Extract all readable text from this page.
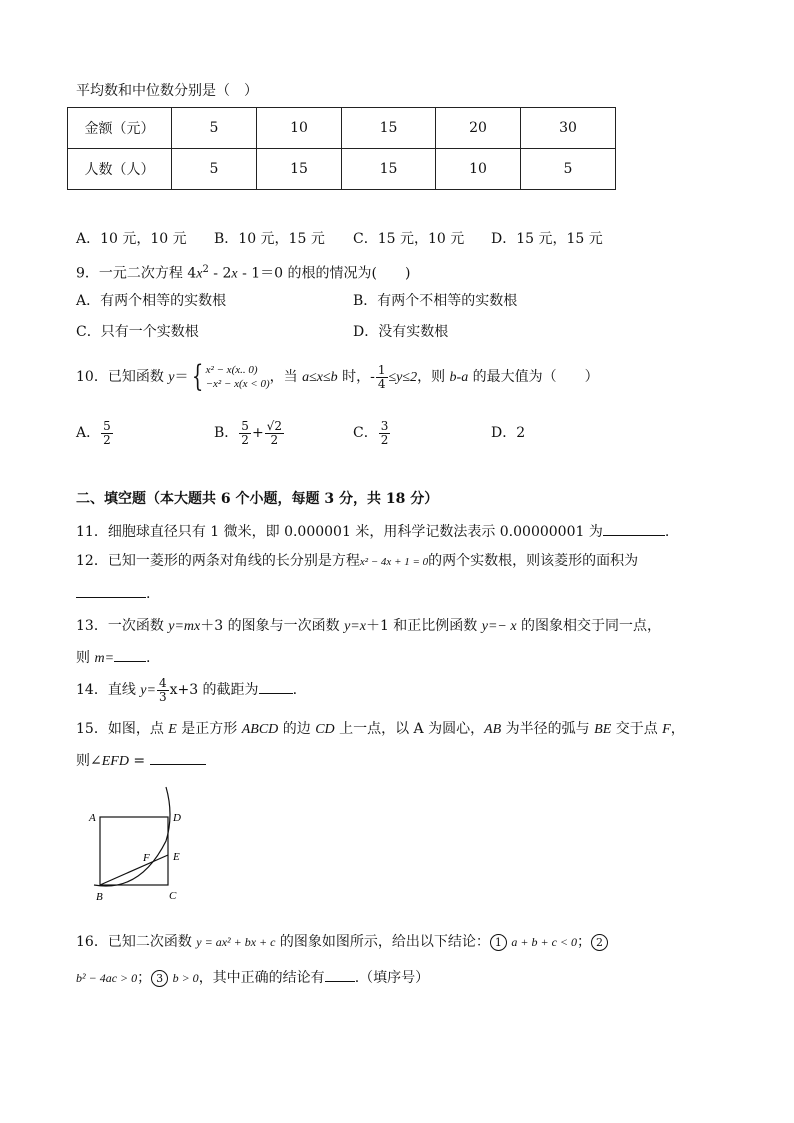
平均数和中位数分别是（　）
金额（元）	5	10	15	20	30
人数（人）	5	15	15	10	5
A．10 元，10 元 B．10 元，15 元 C．15 元，10 元 D．15 元，15 元
9．一元二次方程 $4x^2 - 2x - 1=0$ 的根的情况为(　　)
A．有两个相等的实数根	B．有两个不相等的实数根
C．只有一个实数根	D．没有实数根
10．已知函数 y＝ { x² − x(x.. 0)
−x² − x(x < 0) ，当 a≤x≤b 时，- $\frac{1}{4} \le y\le 2$，则 b-a 的最大值为（　　）
A． $\frac{5}{2}$	B． $\frac{5}{2} + \frac{√2}{2}$	C． $\frac{3}{2}$	D．2
二、填空题（本大题共 6 个小题，每题 3 分，共 18 分）
11．细胞球直径只有 1 微米，即 0.000001 米，用科学记数法表示 0.00000001 为	.
12．已知一菱形的两条对角线的长分别是方程x² − 4x + 1 = 0的两个实数根，则该菱形的面积为
.
13．一次函数 y=mx＋3 的图象与一次函数 y=x＋1 和正比例函数 y=− x 的图象相交于同一点，
则 m= .
14．直线 $y= \frac{4}{3} x+3$ 的截距为 .
15．如图，点 E 是正方形 ABCD 的边 CD 上一点，以 A 为圆心，AB 为半径的弧与 BE 交于点 F，
则∠EFD =
A	D
E
F
B	C
16．已知二次函数 y = ax² + bx + c 的图象如图所示，给出以下结论： 1 a + b + c < 0； 2
b² − 4ac > 0； 3 b > 0，其中正确的结论有 .（填序号）
